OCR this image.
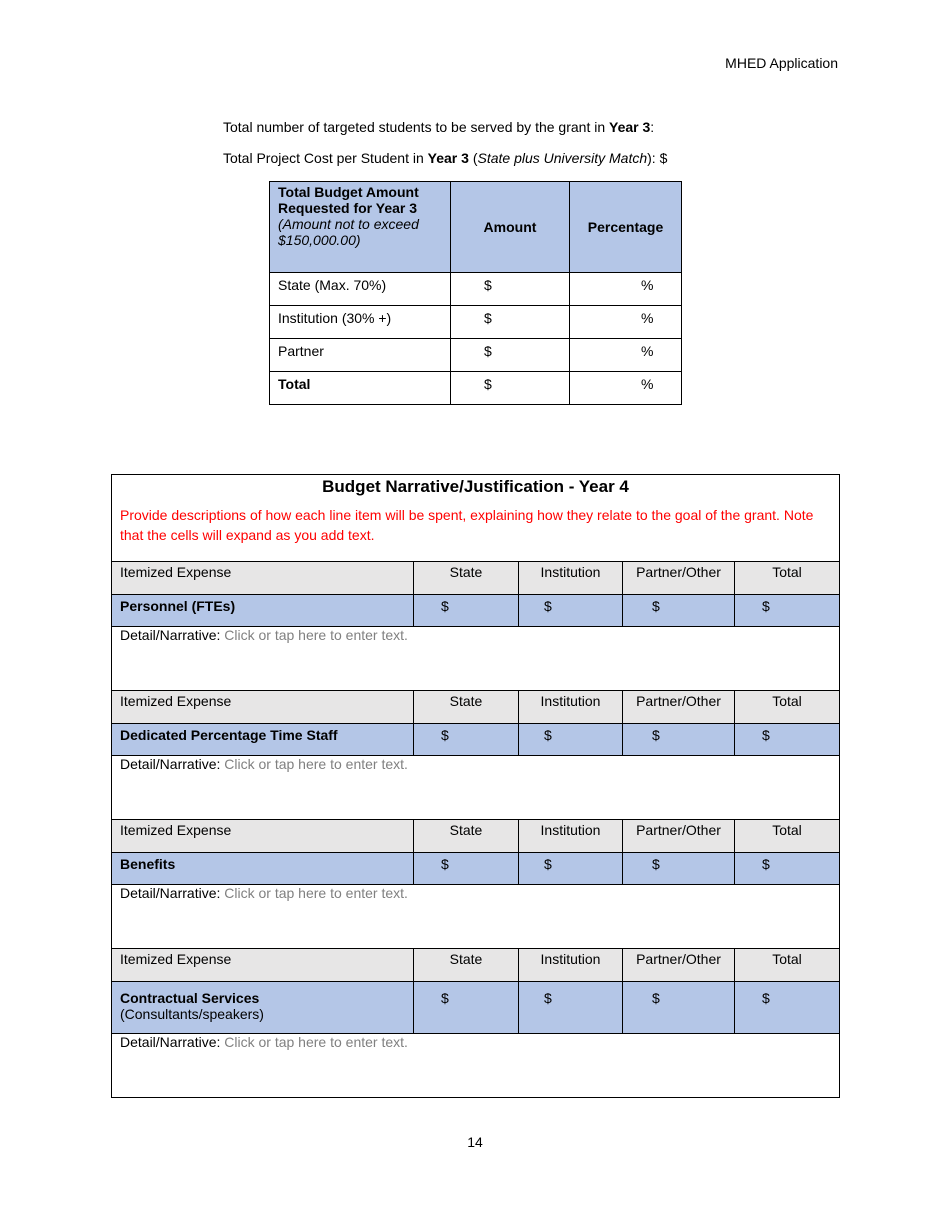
MHED Application
Total number of targeted students to be served by the grant in Year 3:
Total Project Cost per Student in Year 3 (State plus University Match): $
Total Budget Amount Requested for Year 3
(Amount not to exceed $150,000.00)	Amount	Percentage
State (Max. 70%)	$	%
Institution (30% +)	$	%
Partner	$	%
Total	$	%
Budget Narrative/Justification - Year 4
Provide descriptions of how each line item will be spent, explaining how they relate to the goal of the grant. Note that the cells will expand as you add text.				

Itemized Expense	State	Institution	Partner/Other	Total
Personnel (FTEs)	$	$	$	$
Detail/Narrative: Click or tap here to enter text.				
Itemized Expense	State	Institution	Partner/Other	Total
Dedicated Percentage Time Staff	$	$	$	$
Detail/Narrative: Click or tap here to enter text.				
Itemized Expense	State	Institution	Partner/Other	Total
Benefits	$	$	$	$
Detail/Narrative: Click or tap here to enter text.				
Itemized Expense	State	Institution	Partner/Other	Total
Contractual Services
(Consultants/speakers)	$	$	$	$
Detail/Narrative: Click or tap here to enter text.				
14
